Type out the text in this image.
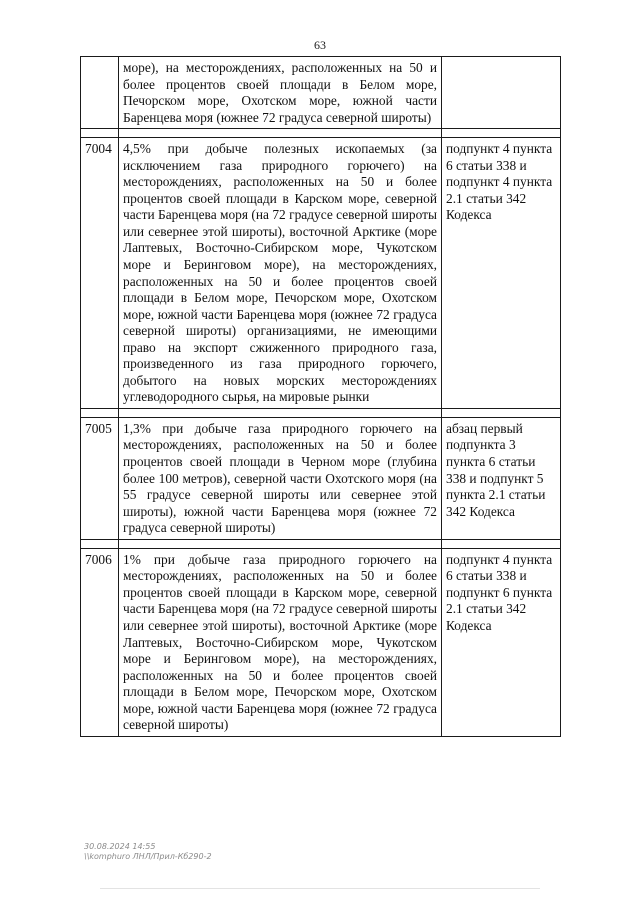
63
	море), на месторождениях, расположенных на 50 и более процентов своей площади в Белом море, Печорском море, Охотском море, южной части Баренцева моря (южнее 72 градуса северной широты)	

7004	4,5% при добыче полезных ископаемых (за исключением газа природного горючего) на месторождениях, расположенных на 50 и более процентов своей площади в Карском море, северной части Баренцева моря (на 72 градусе северной широты или севернее этой широты), восточной Арктике (море Лаптевых, Восточно-Сибирском море, Чукотском море и Беринговом море), на месторождениях, расположенных на 50 и более процентов своей площади в Белом море, Печорском море, Охотском море, южной части Баренцева моря (южнее 72 градуса северной широты) организациями, не имеющими право на экспорт сжиженного природного газа, произведенного из газа природного горючего, добытого на новых морских месторождениях углеводородного сырья, на мировые рынки	подпункт 4 пункта 6 статьи 338 и подпункт 4 пункта 2.1 статьи 342 Кодекса

7005	1,3% при добыче газа природного горючего на месторождениях, расположенных на 50 и более процентов своей площади в Черном море (глубина более 100 метров), северной части Охотского моря (на 55 градусе северной широты или севернее этой широты), южной части Баренцева моря (южнее 72 градуса северной широты)	абзац первый подпункта 3 пункта 6 статьи 338 и подпункт 5 пункта 2.1 статьи 342 Кодекса

7006	1% при добыче газа природного горючего на месторождениях, расположенных на 50 и более процентов своей площади в Карском море, северной части Баренцева моря (на 72 градусе северной широты или севернее этой широты), восточной Арктике (море Лаптевых, Восточно-Сибирском море, Чукотском море и Беринговом море), на месторождениях, расположенных на 50 и более процентов своей площади в Белом море, Печорском море, Охотском море, южной части Баренцева моря (южнее 72 градуса северной широты)	подпункт 4 пункта 6 статьи 338 и подпункт 6 пункта 2.1 статьи 342 Кодекса
30.08.2024 14:55
\\komphuro ЛНЛ/Прил-Кб290-2
